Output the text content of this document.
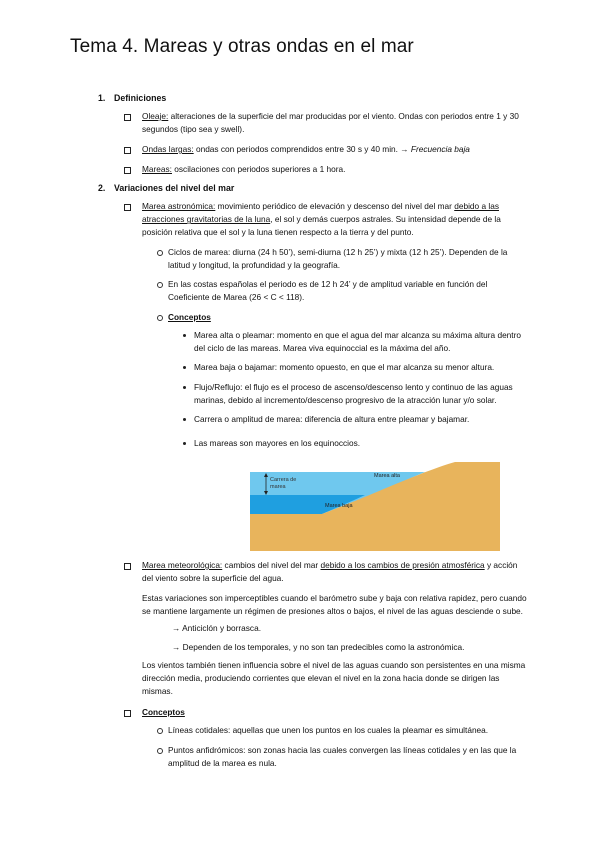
Tema 4. Mareas y otras ondas en el mar
1. Definiciones
Oleaje: alteraciones de la superficie del mar producidas por el viento. Ondas con periodos entre 1 y 30
segundos (tipo sea y swell).
Ondas largas: ondas con periodos comprendidos entre 30 s y 40 min. → Frecuencia baja
Mareas: oscilaciones con periodos superiores a 1 hora.
2. Variaciones del nivel del mar
Marea astronómica: movimiento periódico de elevación y descenso del nivel del mar debido a las
atracciones gravitatorias de la luna, el sol y demás cuerpos astrales. Su intensidad depende de la
posición relativa que el sol y la luna tienen respecto a la tierra y del punto.
Ciclos de marea: diurna (24 h 50’), semi-diurna (12 h 25’) y mixta (12 h 25’). Dependen de la
latitud y longitud, la profundidad y la geografía.
En las costas españolas el periodo es de 12 h 24’ y de amplitud variable en función del
Coeficiente de Marea (26 < C < 118).
Conceptos
Marea alta o pleamar: momento en que el agua del mar alcanza su máxima altura dentro
del ciclo de las mareas. Marea viva equinoccial es la máxima del año.
Marea baja o bajamar: momento opuesto, en que el mar alcanza su menor altura.
Flujo/Reflujo: el flujo es el proceso de ascenso/descenso lento y continuo de las aguas
marinas, debido al incremento/descenso progresivo de la atracción lunar y/o solar.
Carrera o amplitud de marea: diferencia de altura entre pleamar y bajamar.
Las mareas son mayores en los equinoccios.
Carrera de
marea
Marea alta
Marea baja
Marea meteorológica: cambios del nivel del mar debido a los cambios de presión atmosférica y acción
del viento sobre la superficie del agua.
Estas variaciones son imperceptibles cuando el barómetro sube y baja con relativa rapidez, pero cuando
se mantiene largamente un régimen de presiones altos o bajos, el nivel de las aguas desciende o sube.
→ Anticiclón y borrasca.
→ Dependen de los temporales, y no son tan predecibles como la astronómica.
Los vientos también tienen influencia sobre el nivel de las aguas cuando son persistentes en una misma
dirección media, produciendo corrientes que elevan el nivel en la zona hacia donde se dirigen las
mismas.
Conceptos
Líneas cotidales: aquellas que unen los puntos en los cuales la pleamar es simultánea.
Puntos anfidrómicos: son zonas hacia las cuales convergen las líneas cotidales y en las que la
amplitud de la marea es nula.
